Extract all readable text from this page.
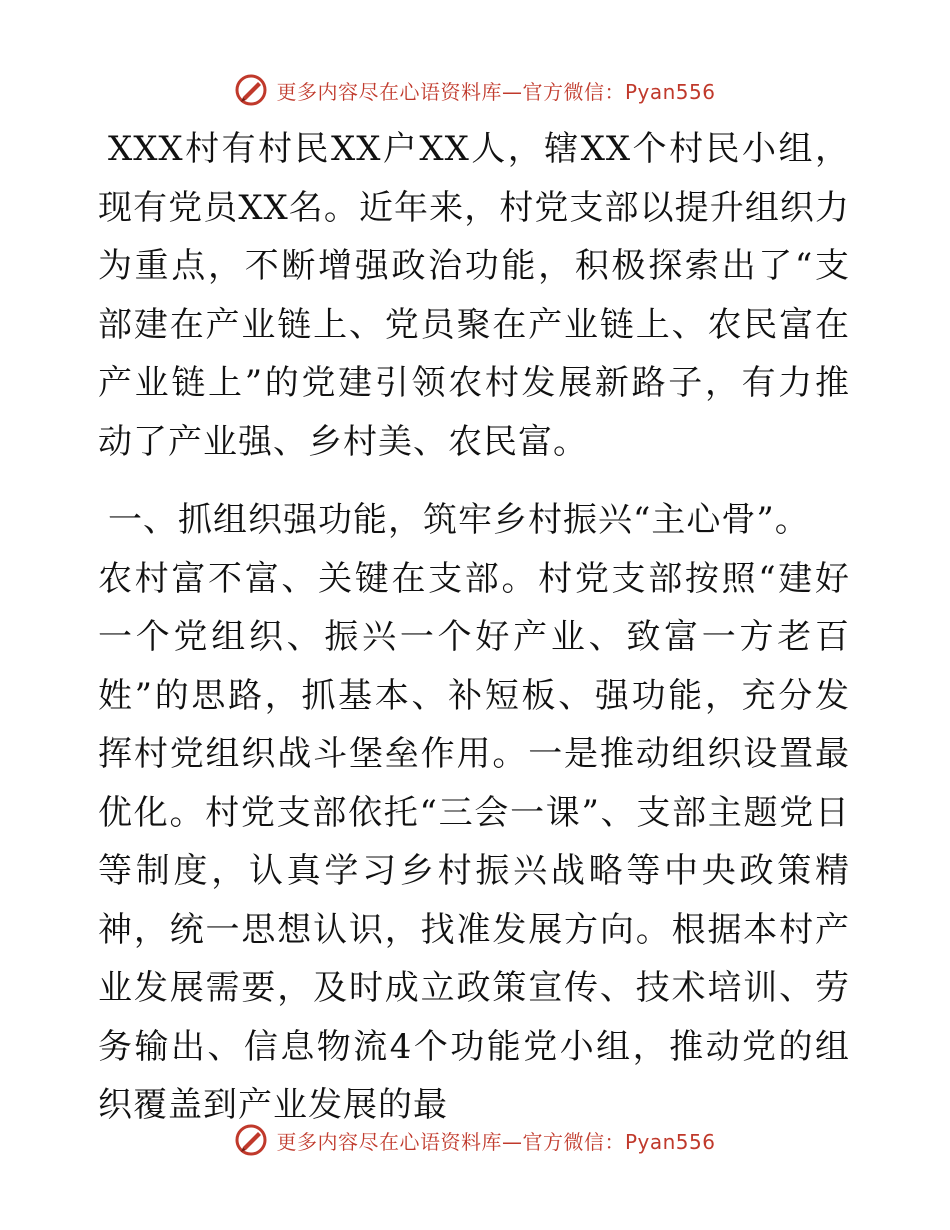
更多内容尽在心语资料库—官方微信：Pyan556

XXX村有村民XX户XX人，辖XX个村民小组，现有党员XX名。近年来，村党支部以提升组织力为重点，不断增强政治功能，积极探索出了“支部建在产业链上、党员聚在产业链上、农民富在产业链上”的党建引领农村发展新路子，有力推动了产业强、乡村美、农民富。

一、抓组织强功能，筑牢乡村振兴“主心骨”。

农村富不富、关键在支部。村党支部按照“建好一个党组织、振兴一个好产业、致富一方老百姓”的思路，抓基本、补短板、强功能，充分发挥村党组织战斗堡垒作用。一是推动组织设置最优化。村党支部依托“三会一课”、支部主题党日等制度，认真学习乡村振兴战略等中央政策精神，统一思想认识，找准发展方向。根据本村产业发展需要，及时成立政策宣传、技术培训、劳务输出、信息物流4个功能党小组，推动党的组织覆盖到产业发展的最

更多内容尽在心语资料库—官方微信：Pyan556
